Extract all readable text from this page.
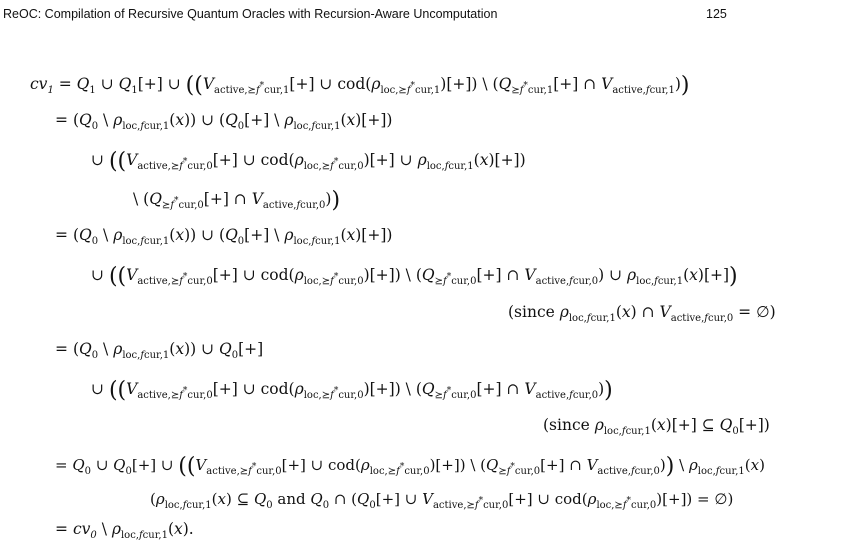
ReOC: Compilation of Recursive Quantum Oracles with Recursion-Aware Uncomputation	125
$cv_1 = Q_1$ ∪ $Q_1[+]$ ∪ (($V_{active,⪰f^*cur,1}[+]$ ∪ $cod(\rho_{loc,⪰f^*cur,1})[+]$) \ ($Q_{⪰f^*cur,1}[+]$ ∩ $V_{active,fcur,1}$))
= ($Q_0$ \ $\rho_{loc,fcur,1}(x)$) ∪ ($Q_0[+]$ \ $\rho_{loc,fcur,1}(x)[+]$)
∪ (($V_{active,⪰f^*cur,0}[+]$ ∪ $cod(\rho_{loc,⪰f^*cur,0})[+]$ ∪ $\rho_{loc,fcur,1}(x)[+]$)
\ ($Q_{⪰f^*cur,0}[+]$ ∩ $V_{active,fcur,0}$))
= ($Q_0$ \ $\rho_{loc,fcur,1}(x)$) ∪ ($Q_0[+]$ \ $\rho_{loc,fcur,1}(x)[+]$)
∪ (($V_{active,⪰f^*cur,0}[+]$ ∪ $cod(\rho_{loc,⪰f^*cur,0})[+]$) \ ($Q_{⪰f^*cur,0}[+]$ ∩ $V_{active,fcur,0}$) ∪ $\rho_{loc,fcur,1}(x)[+]$)
(since $\rho_{loc,fcur,1}(x)$ ∩ $V_{active,fcur,0}$ = ∅)
= ($Q_0$ \ $\rho_{loc,fcur,1}(x)$) ∪ $Q_0[+]$
∪ (($V_{active,⪰f^*cur,0}[+]$ ∪ $cod(\rho_{loc,⪰f^*cur,0})[+]$) \ ($Q_{⪰f^*cur,0}[+]$ ∩ $V_{active,fcur,0}$))
(since $\rho_{loc,fcur,1}(x)[+]$ ⊆ $Q_0[+]$)
= $Q_0$ ∪ $Q_0[+]$ ∪ (($V_{active,⪰f^*cur,0}[+]$ ∪ $cod(\rho_{loc,⪰f^*cur,0})[+]$) \ ($Q_{⪰f^*cur,0}[+]$ ∩ $V_{active,fcur,0}$)) \ $\rho_{loc,fcur,1}(x)$
($\rho_{loc,fcur,1}(x)$ ⊆ $Q_0$ and $Q_0$ ∩ ($Q_0[+]$ ∪ $V_{active,⪰f^*cur,0}[+]$ ∪ $cod(\rho_{loc,⪰f^*cur,0})[+]$) = ∅)
= $cv_0$ \ $\rho_{loc,fcur,1}(x)$.
